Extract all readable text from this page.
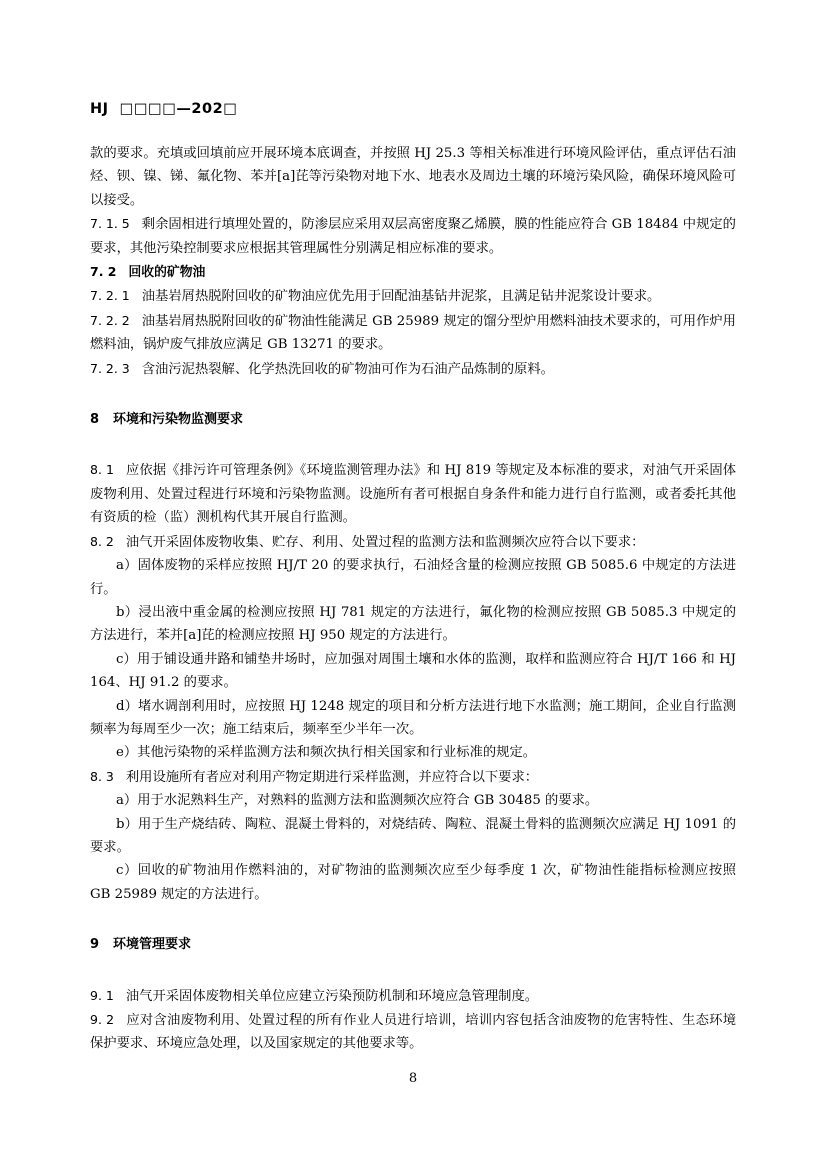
HJ  □□□□—202□

款的要求。充填或回填前应开展环境本底调查，并按照 HJ 25.3 等相关标准进行环境风险评估，重点评估石油烃、钡、镍、锑、氟化物、苯并[a]芘等污染物对地下水、地表水及周边土壤的环境污染风险，确保环境风险可以接受。

7. 1. 5 剩余固相进行填埋处置的，防渗层应采用双层高密度聚乙烯膜，膜的性能应符合 GB 18484 中规定的要求，其他污染控制要求应根据其管理属性分别满足相应标准的要求。

7. 2 回收的矿物油

7. 2. 1 油基岩屑热脱附回收的矿物油应优先用于回配油基钻井泥浆，且满足钻井泥浆设计要求。

7. 2. 2 油基岩屑热脱附回收的矿物油性能满足 GB 25989 规定的馏分型炉用燃料油技术要求的，可用作炉用燃料油，锅炉废气排放应满足 GB 13271 的要求。

7. 2. 3 含油污泥热裂解、化学热洗回收的矿物油可作为石油产品炼制的原料。

8 环境和污染物监测要求

8. 1 应依据《排污许可管理条例》《环境监测管理办法》和 HJ 819 等规定及本标准的要求，对油气开采固体废物利用、处置过程进行环境和污染物监测。设施所有者可根据自身条件和能力进行自行监测，或者委托其他有资质的检（监）测机构代其开展自行监测。

8. 2 油气开采固体废物收集、贮存、利用、处置过程的监测方法和监测频次应符合以下要求：

a）固体废物的采样应按照 HJ/T 20 的要求执行，石油烃含量的检测应按照 GB 5085.6 中规定的方法进行。

b）浸出液中重金属的检测应按照 HJ 781 规定的方法进行，氟化物的检测应按照 GB 5085.3 中规定的方法进行，苯并[a]芘的检测应按照 HJ 950 规定的方法进行。

c）用于铺设通井路和铺垫井场时，应加强对周围土壤和水体的监测，取样和监测应符合 HJ/T 166 和 HJ 164、HJ 91.2 的要求。

d）堵水调剖利用时，应按照 HJ 1248 规定的项目和分析方法进行地下水监测；施工期间，企业自行监测频率为每周至少一次；施工结束后，频率至少半年一次。

e）其他污染物的采样监测方法和频次执行相关国家和行业标准的规定。

8. 3 利用设施所有者应对利用产物定期进行采样监测，并应符合以下要求：

a）用于水泥熟料生产，对熟料的监测方法和监测频次应符合 GB 30485 的要求。

b）用于生产烧结砖、陶粒、混凝土骨料的，对烧结砖、陶粒、混凝土骨料的监测频次应满足 HJ 1091 的要求。

c）回收的矿物油用作燃料油的，对矿物油的监测频次应至少每季度 1 次，矿物油性能指标检测应按照 GB 25989 规定的方法进行。

9 环境管理要求

9. 1 油气开采固体废物相关单位应建立污染预防机制和环境应急管理制度。

9. 2 应对含油废物利用、处置过程的所有作业人员进行培训，培训内容包括含油废物的危害特性、生态环境保护要求、环境应急处理，以及国家规定的其他要求等。

8
